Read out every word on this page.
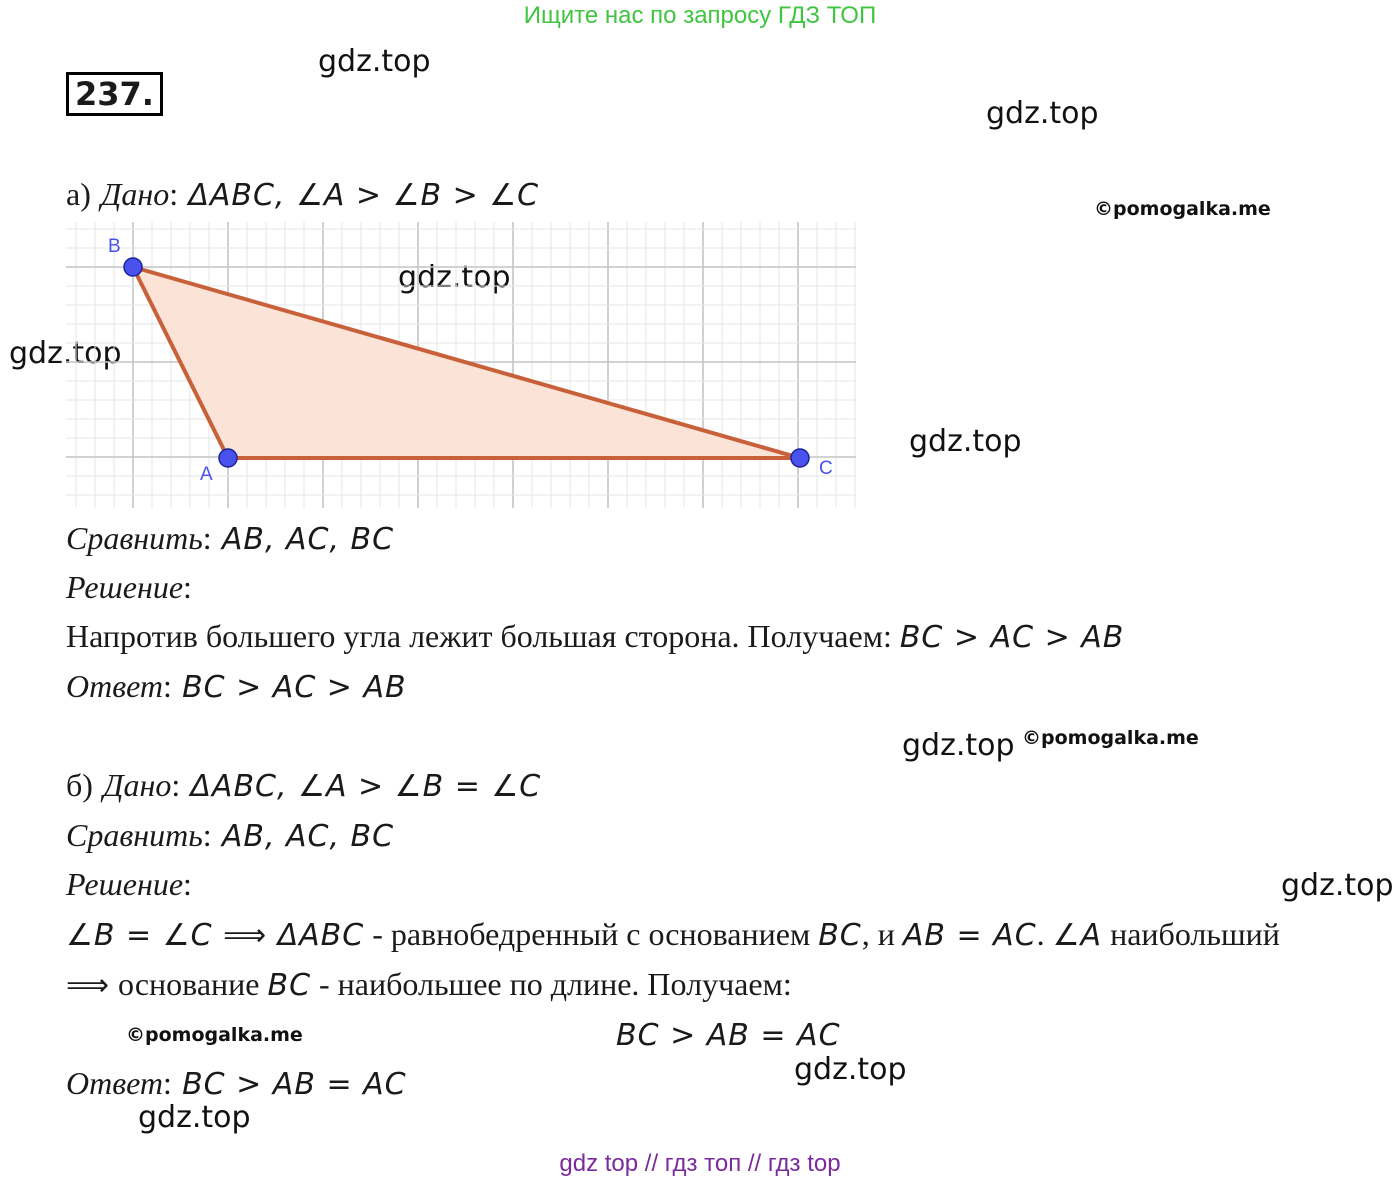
Ищите нас по запросу ГДЗ ТОП
237.
gdz.top
gdz.top
©pomogalka.me
gdz.top
gdz.top
gdz.top
gdz.top ©pomogalka.me
gdz.top
©pomogalka.me
gdz.top
gdz.top
а) Дано: ΔABC, ∠A > ∠B > ∠C
B
A	C
Сравнить: AB, AC, BC
Решение:
Напротив большего угла лежит большая сторона. Получаем: BC > AC > AB
Ответ: BC > AC > AB
б) Дано: ΔABC, ∠A > ∠B = ∠C
Сравнить: AB, AC, BC
Решение:
∠B = ∠C ⟹ ΔABC - равнобедренный с основанием BC, и AB = AC. ∠A наибольший
⟹ основание BC - наибольшее по длине. Получаем:
BC > AB = AC
Ответ: BC > AB = AC
gdz top // гдз топ // гдз top
